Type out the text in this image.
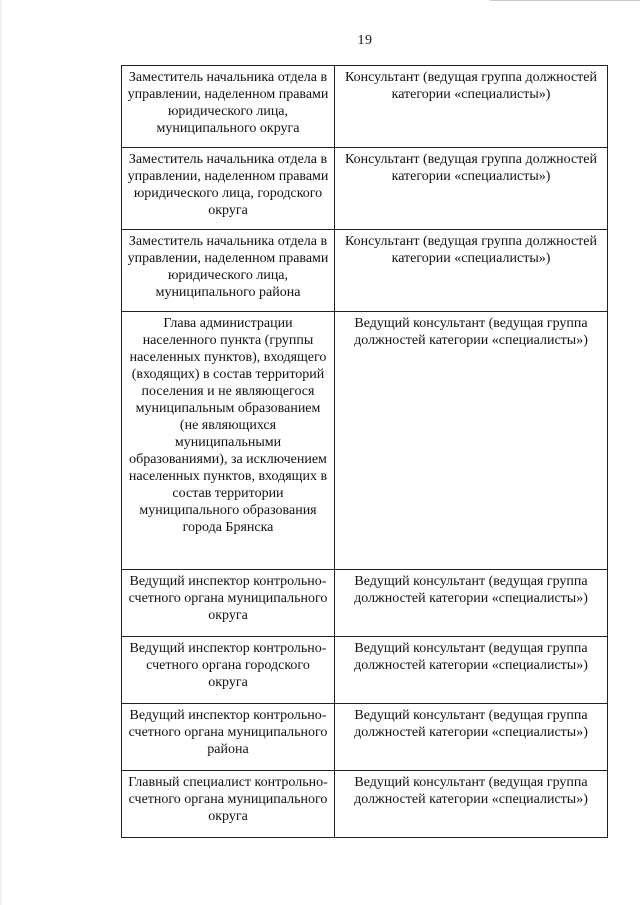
19
Заместитель начальника отдела в управлении, наделенном правами юридического лица, муниципального округа	Консультант (ведущая группа должностей категории «специалисты»)
Заместитель начальника отдела в управлении, наделенном правами юридического лица, городского округа	Консультант (ведущая группа должностей категории «специалисты»)
Заместитель начальника отдела в управлении, наделенном правами юридического лица, муниципального района	Консультант (ведущая группа должностей категории «специалисты»)
Глава администрации населенного пункта (группы населенных пунктов), входящего (входящих) в состав территорий поселения и не являющегося муниципальным образованием (не являющихся муниципальными образованиями), за исключением населенных пунктов, входящих в состав территории муниципального образования города Брянска	Ведущий консультант (ведущая группа должностей категории «специалисты»)
Ведущий инспектор контрольно-счетного органа муниципального округа	Ведущий консультант (ведущая группа должностей категории «специалисты»)
Ведущий инспектор контрольно-счетного органа городского округа	Ведущий консультант (ведущая группа должностей категории «специалисты»)
Ведущий инспектор контрольно-счетного органа муниципального района	Ведущий консультант (ведущая группа должностей категории «специалисты»)
Главный специалист контрольно-счетного органа муниципального округа	Ведущий консультант (ведущая группа должностей категории «специалисты»)
